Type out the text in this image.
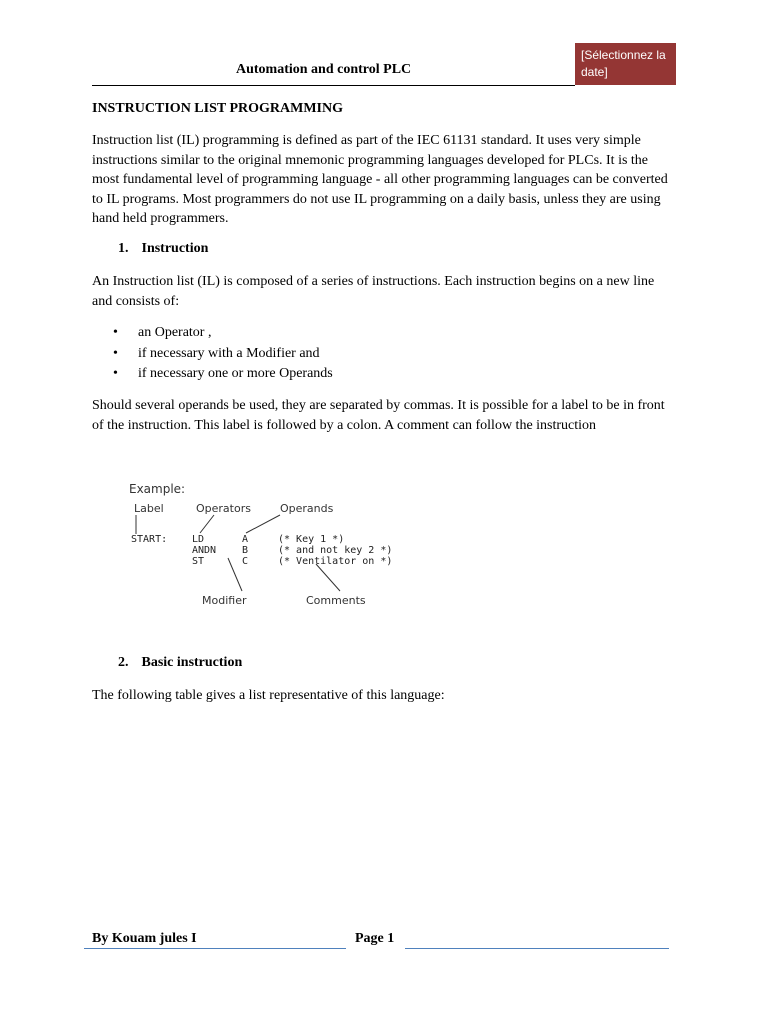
Automation and control PLC
[Sélectionnez la date]
INSTRUCTION LIST PROGRAMMING
Instruction list (IL) programming is defined as part of the IEC 61131 standard. It uses very simple instructions similar to the original mnemonic programming languages developed for PLCs. It is the most fundamental level of programming language - all other programming languages can be converted to IL programs. Most programmers do not use IL programming on a daily basis, unless they are using hand held programmers.
1. Instruction
An Instruction list (IL) is composed of a series of instructions. Each instruction begins on a new line and consists of:
• an Operator ,
• if necessary with a Modifier and
• if necessary one or more Operands
Should several operands be used, they are separated by commas. It is possible for a label to be in front of the instruction. This label is followed by a colon. A comment can follow the instruction
Example:
Label	Operators	Operands
Modifier	Comments
START: LD	A	(* Key 1 *)
ANDN	B	(* and not key 2 *)
ST	C	(* Ventilator on *)
2. Basic instruction
The following table gives a list representative of this language:
By Kouam jules I	Page 1
